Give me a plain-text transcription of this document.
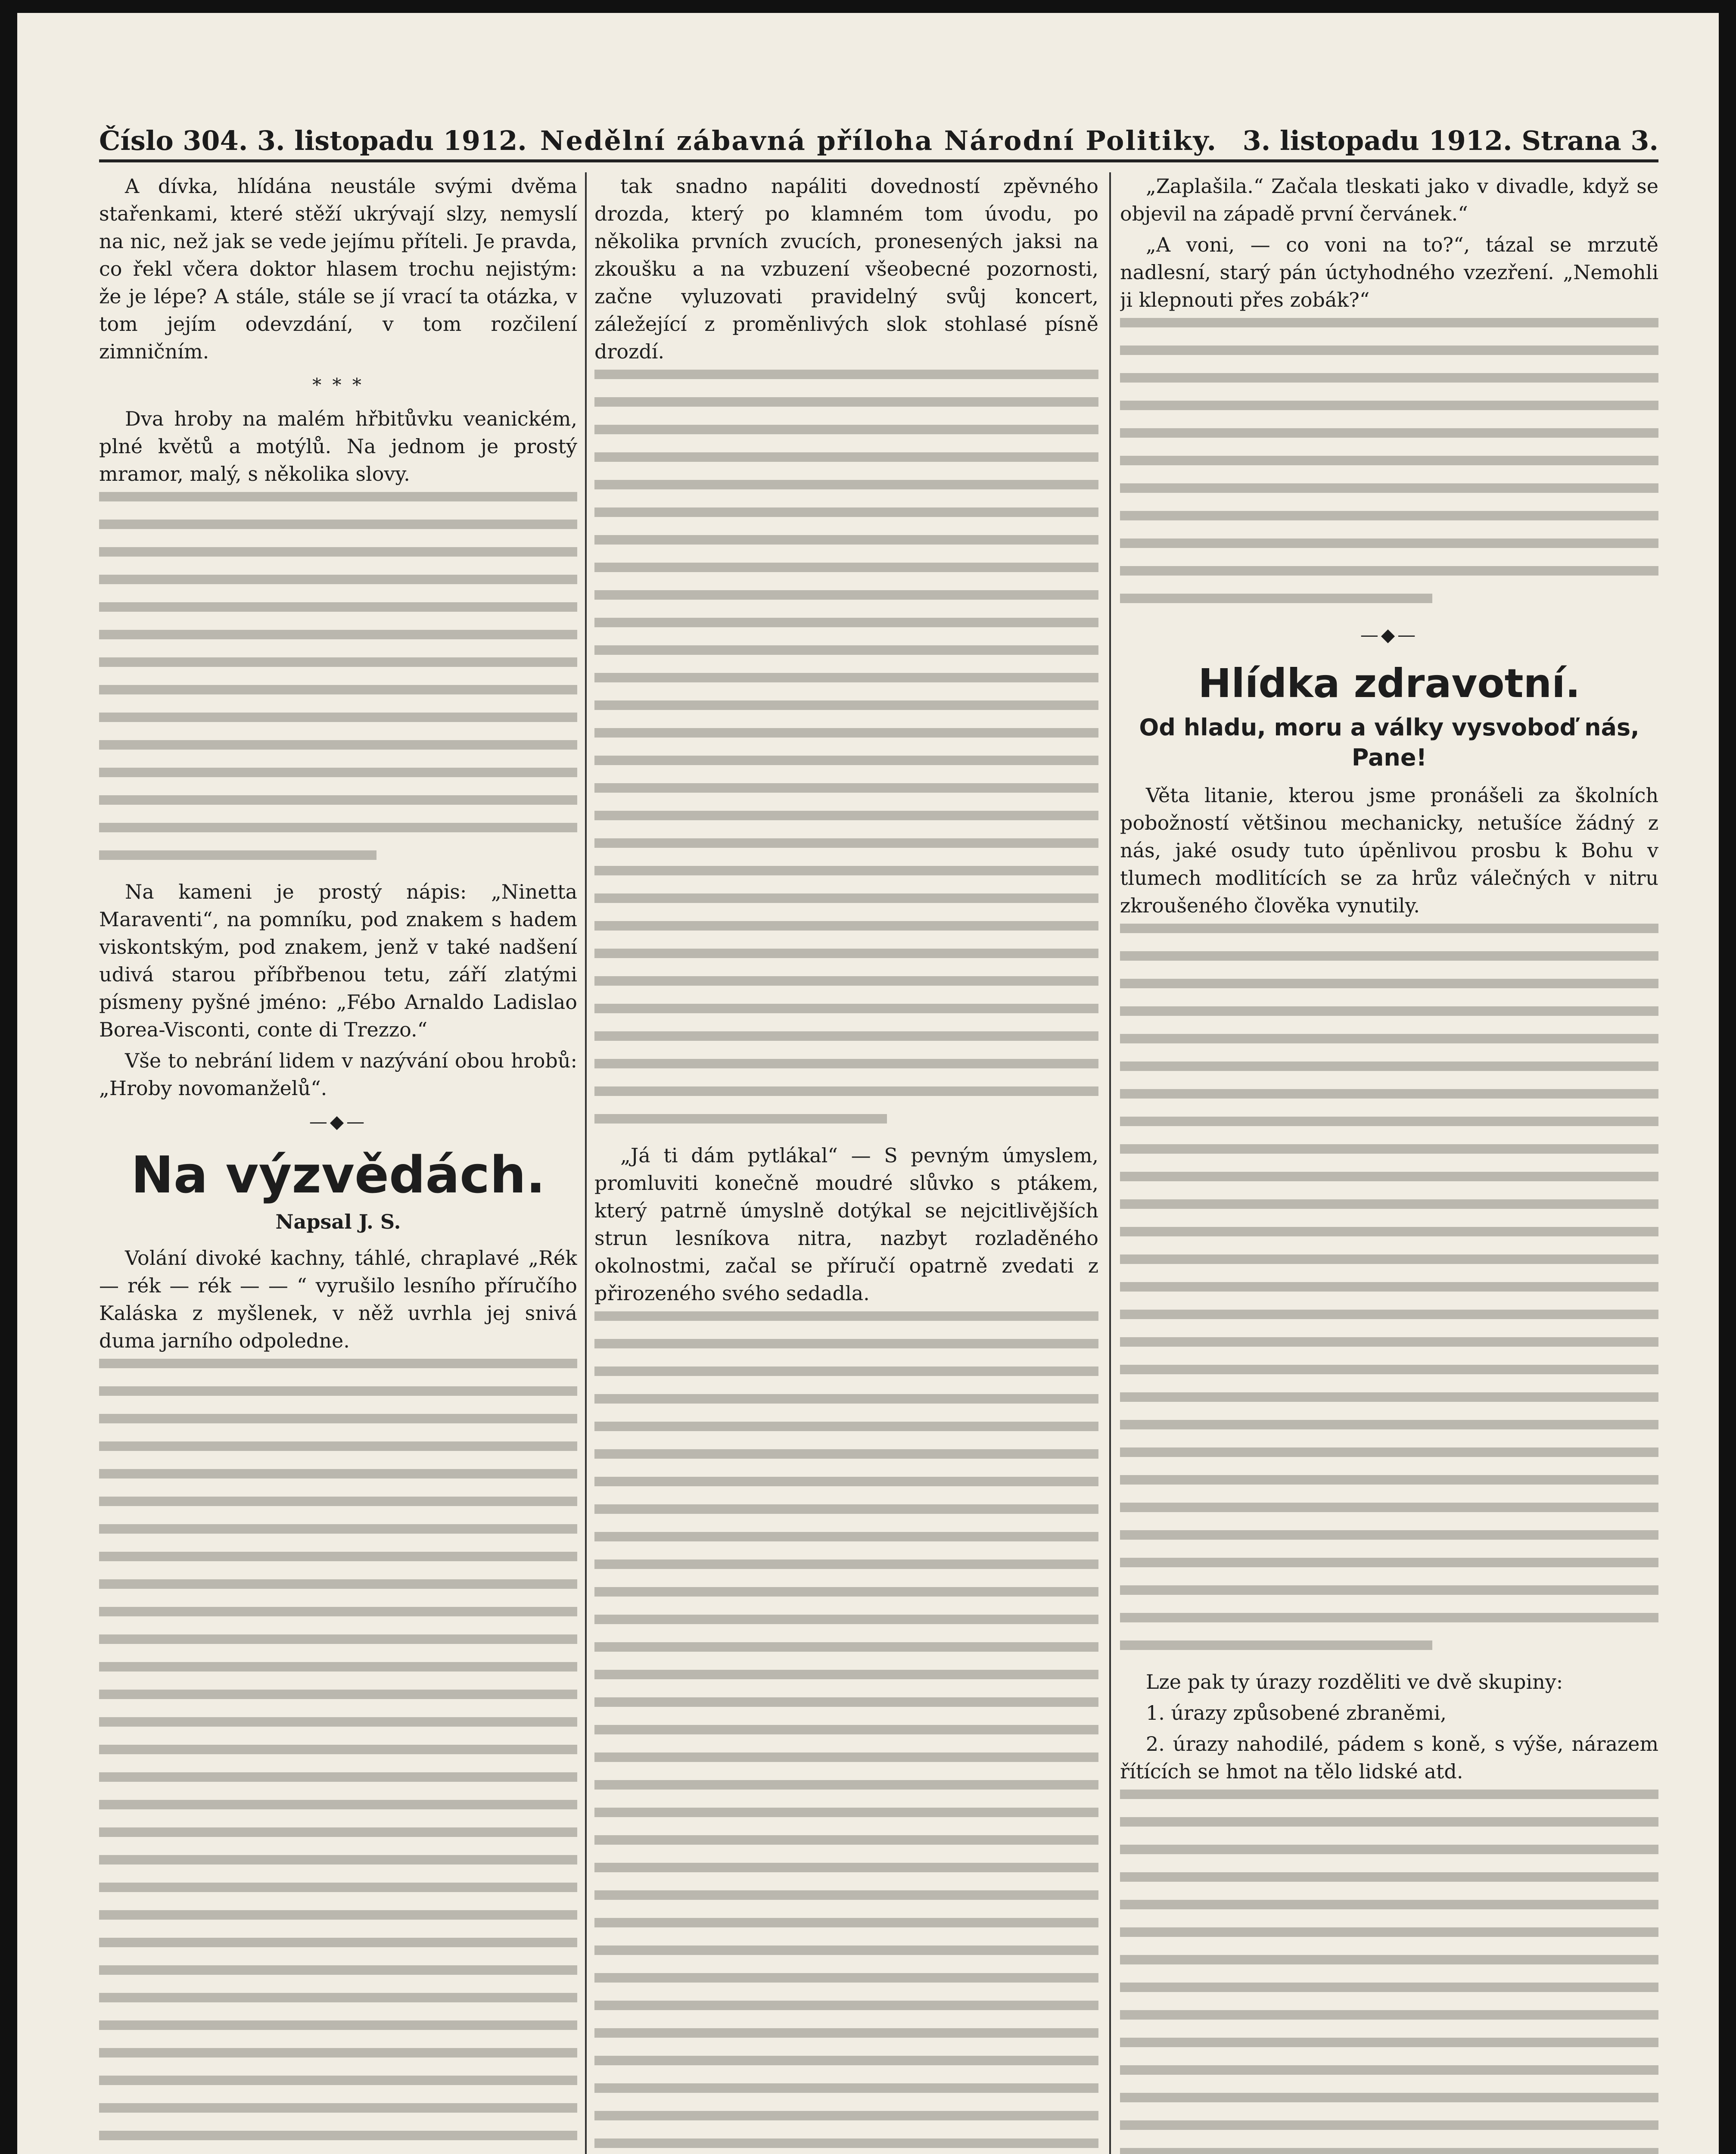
Číslo 304. 3. listopadu 1912. Nedělní zábavná příloha Národní Politiky. 3. listopadu 1912. Strana 3.

A dívka, hlídána neustále svými dvěma stařenkami, které stěží ukrývají slzy, nemyslí na nic, než jak se vede jejímu příteli. Je pravda, co řekl včera doktor hlasem trochu nejistým: že je lépe? A stále, stále se jí vrací ta otázka, v tom jejím odevzdání, v tom rozčilení zimničním.

* * *

Dva hroby na malém hřbitůvku veanickém, plné květů a motýlů. Na jednom je prostý mramor, malý, s několika slovy.

Na kameni je prostý nápis: „Ninetta Maraventi“, na pomníku, pod znakem s hadem viskontským, pod znakem, jenž v také nadšení udivá starou příbřbenou tetu, září zlatými písmeny pyšné jméno: „Fébo Arnaldo Ladislao Borea-Visconti, conte di Trezzo.“

Vše to nebrání lidem v nazývání obou hrobů: „Hroby novomanželů“.

—◆—
Na výzvědách.

Napsal J. S.

Volání divoké kachny, táhlé, chraplavé „Rék — rék — rék — — “ vyrušilo lesního příručího Kaláska z myšlenek, v něž uvrhla jej snivá duma jarního odpoledne.

tak snadno napáliti dovedností zpěvného drozda, který po klamném tom úvodu, po několika prvních zvucích, pronesených jaksi na zkoušku a na vzbuzení všeobecné pozornosti, začne vyluzovati pravidelný svůj koncert, záležející z proměnlivých slok stohlasé písně drozdí.

„Já ti dám pytlákal“ — S pevným úmyslem, promluviti konečně moudré slůvko s ptákem, který patrně úmyslně dotýkal se nejcitlivějších strun lesníkova nitra, nazbyt rozladěného okolnostmi, začal se příručí opatrně zvedati z přirozeného svého sedadla.

„Zaplašila.“ Začala tleskati jako v divadle, když se objevil na západě první červánek.“

„A voni, — co voni na to?“, tázal se mrzutě nadlesní, starý pán úctyhodného vzezření. „Nemohli ji klepnouti přes zobák?“

—◆—
Hlídka zdravotní.

Od hladu, moru a války vysvoboď nás, Pane!

Věta litanie, kterou jsme pronášeli za školních pobožností většinou mechanicky, netušíce žádný z nás, jaké osudy tuto úpěnlivou prosbu k Bohu v tlumech modlitících se za hrůz válečných v nitru zkroušeného člověka vynutily.

Lze pak ty úrazy rozděliti ve dvě skupiny:

1. úrazy způsobené zbraněmi,

2. úrazy nahodilé, pádem s koně, s výše, nárazem řítících se hmot na tělo lidské atd.
